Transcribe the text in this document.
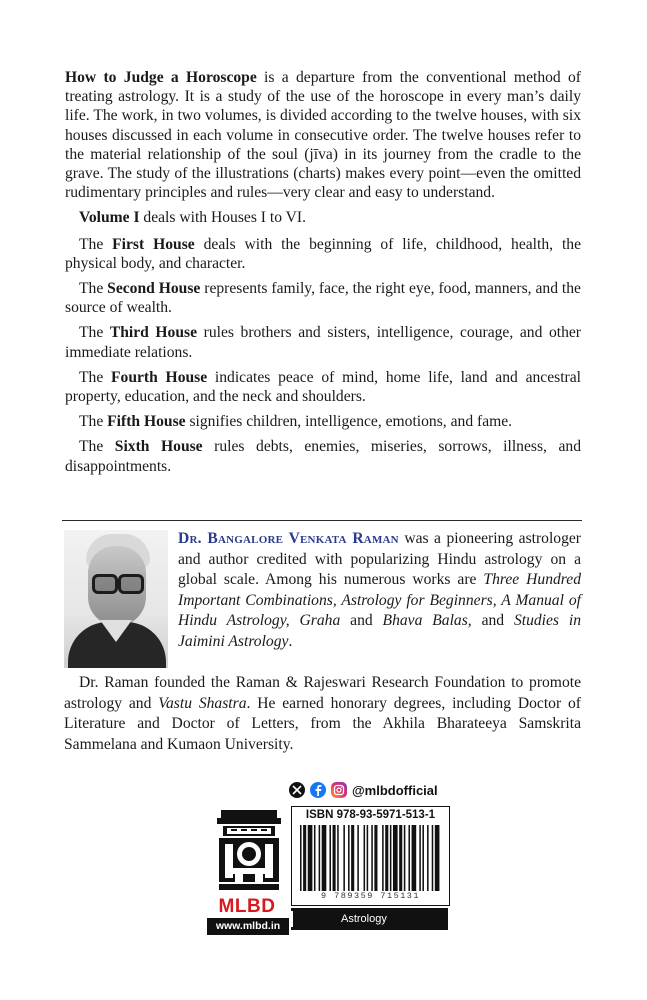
How to Judge a Horoscope is a departure from the conventional method of treating astrology. It is a study of the use of the horoscope in every man’s daily life. The work, in two volumes, is divided according to the twelve houses, with six houses discussed in each volume in consecutive order. The twelve houses refer to the material relationship of the soul (jīva) in its journey from the cradle to the grave. The study of the illustrations (charts) makes every point—even the omitted rudimentary principles and rules—very clear and easy to understand.

Volume I deals with Houses I to VI.

The First House deals with the beginning of life, childhood, health, the physical body, and character.

The Second House represents family, face, the right eye, food, manners, and the source of wealth.

The Third House rules brothers and sisters, intelligence, courage, and other immediate relations.

The Fourth House indicates peace of mind, home life, land and ancestral property, education, and the neck and shoulders.

The Fifth House signifies children, intelligence, emotions, and fame.

The Sixth House rules debts, enemies, miseries, sorrows, illness, and disappointments.

Dr. Bangalore Venkata Raman was a pioneering astrologer and author credited with popularizing Hindu astrology on a global scale. Among his numerous works are Three Hundred Important Combinations, Astrology for Beginners, A Manual of Hindu Astrology, Graha and Bhava Balas, and Studies in Jaimini Astrology.

Dr. Raman founded the Raman & Rajeswari Research Foundation to promote astrology and Vastu Shastra. He earned honorary degrees, including Doctor of Literature and Doctor of Letters, from the Akhila Bharateeya Samskrita Sammelana and Kumaon University.

@mlbdofficial
MLBD
www.mlbd.in
ISBN 978-93-5971-513-1
9 789359 715131
Astrology
